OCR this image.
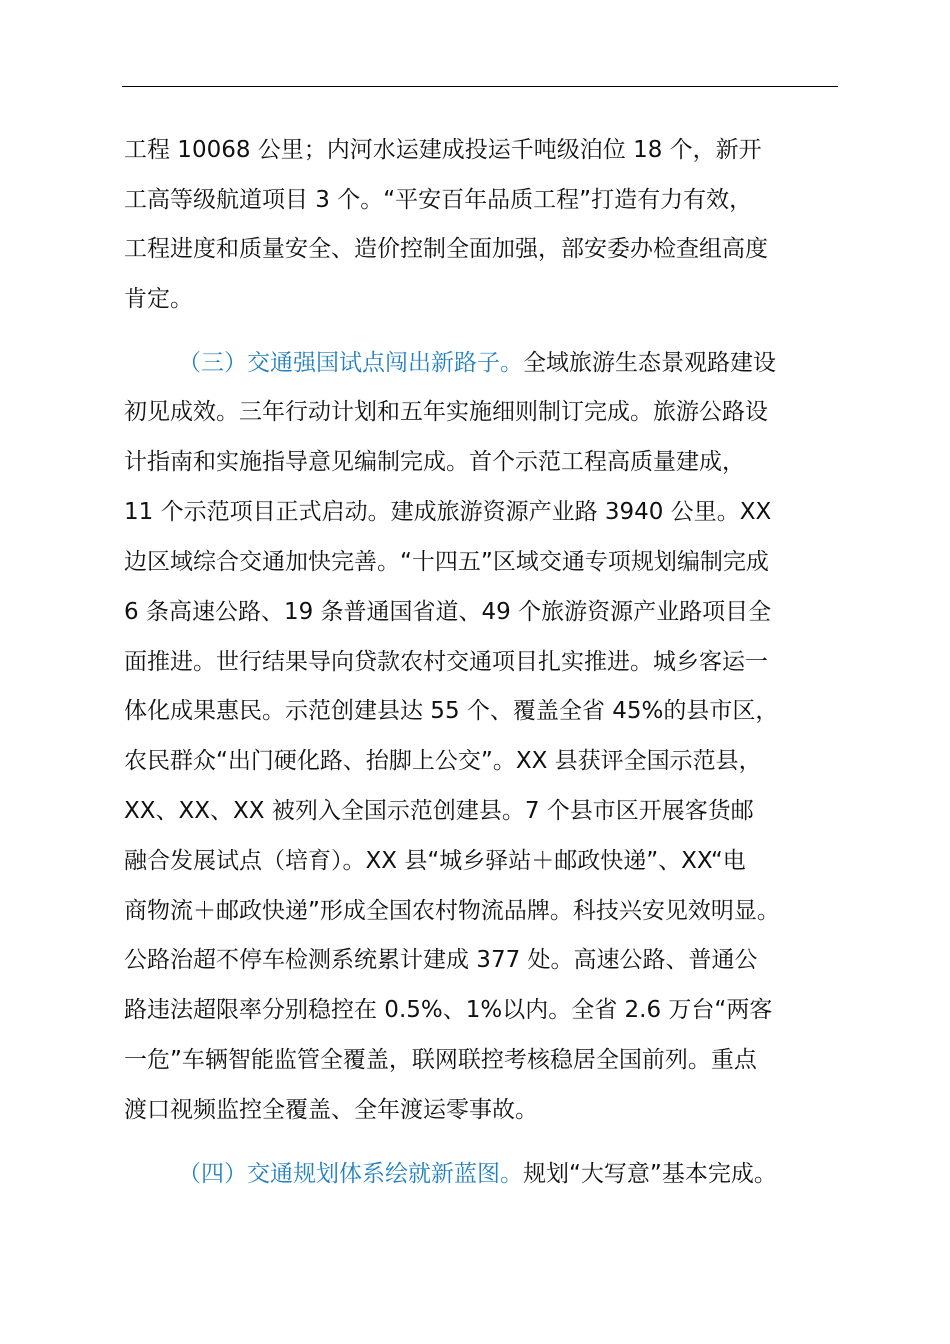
工程 10068 公里；内河水运建成投运千吨级泊位 18 个，新开
工高等级航道项目 3 个。“平安百年品质工程”打造有力有效，
工程进度和质量安全、造价控制全面加强，部安委办检查组高度
肯定。
（三）交通强国试点闯出新路子。全域旅游生态景观路建设
初见成效。三年行动计划和五年实施细则制订完成。旅游公路设
计指南和实施指导意见编制完成。首个示范工程高质量建成，
11 个示范项目正式启动。建成旅游资源产业路 3940 公里。XX
边区域综合交通加快完善。“十四五”区域交通专项规划编制完成
6 条高速公路、19 条普通国省道、49 个旅游资源产业路项目全
面推进。世行结果导向贷款农村交通项目扎实推进。城乡客运一
体化成果惠民。示范创建县达 55 个、覆盖全省 45%的县市区，
农民群众“出门硬化路、抬脚上公交”。XX 县获评全国示范县，
XX、XX、XX 被列入全国示范创建县。7 个县市区开展客货邮
融合发展试点（培育）。XX 县“城乡驿站＋邮政快递”、XX“电
商物流＋邮政快递”形成全国农村物流品牌。科技兴安见效明显。
公路治超不停车检测系统累计建成 377 处。高速公路、普通公
路违法超限率分别稳控在 0.5%、1%以内。全省 2.6 万台“两客
一危”车辆智能监管全覆盖，联网联控考核稳居全国前列。重点
渡口视频监控全覆盖、全年渡运零事故。
（四）交通规划体系绘就新蓝图。规划“大写意”基本完成。
